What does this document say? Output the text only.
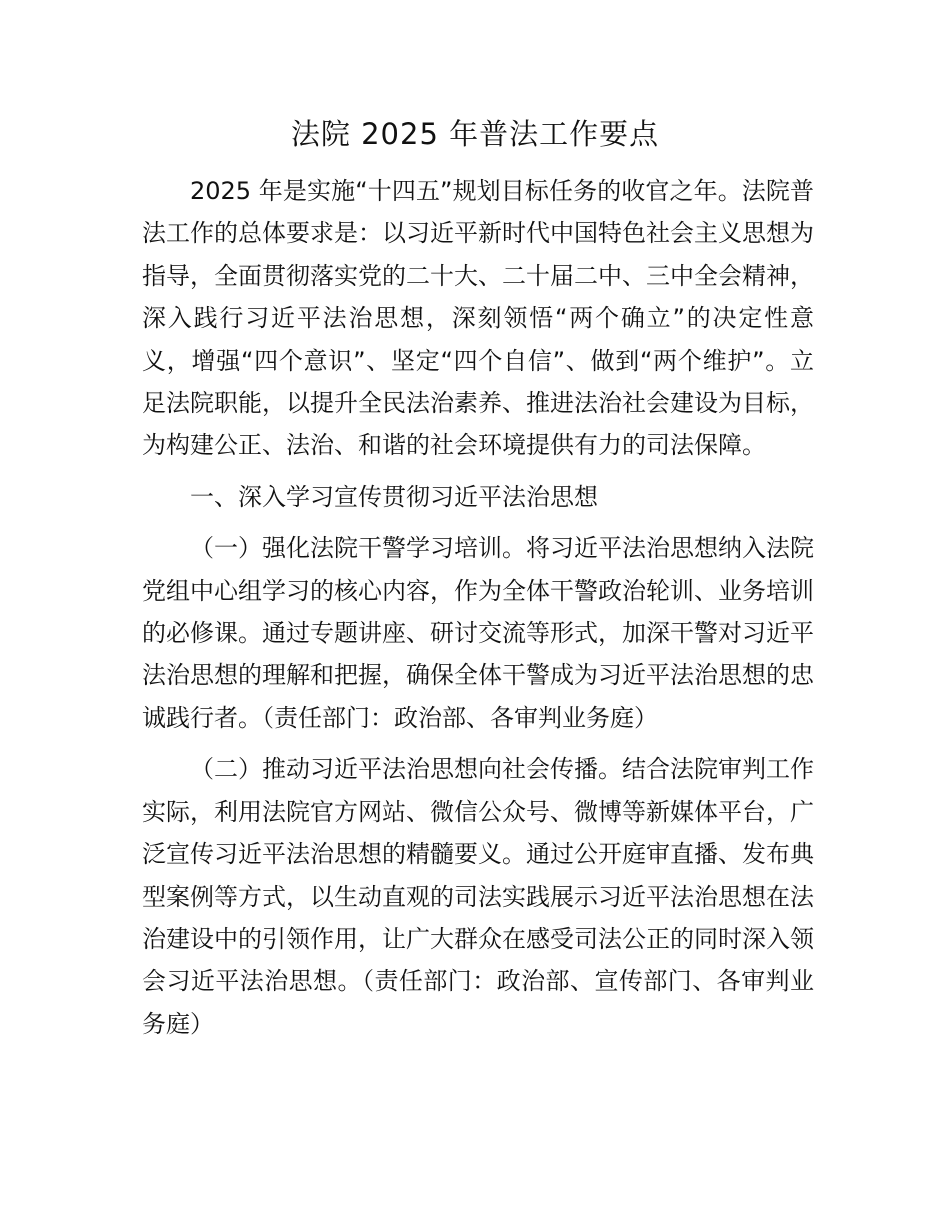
法院 2025 年普法工作要点

2025 年是实施“十四五”规划目标任务的收官之年。法院普法工作的总体要求是：以习近平新时代中国特色社会主义思想为指导，全面贯彻落实党的二十大、二十届二中、三中全会精神，深入践行习近平法治思想，深刻领悟“两个确立”的决定性意义，增强“四个意识”、坚定“四个自信”、做到“两个维护”。立足法院职能，以提升全民法治素养、推进法治社会建设为目标，为构建公正、法治、和谐的社会环境提供有力的司法保障。

一、深入学习宣传贯彻习近平法治思想

（一）强化法院干警学习培训。将习近平法治思想纳入法院党组中心组学习的核心内容，作为全体干警政治轮训、业务培训的必修课。通过专题讲座、研讨交流等形式，加深干警对习近平法治思想的理解和把握，确保全体干警成为习近平法治思想的忠诚践行者。（责任部门：政治部、各审判业务庭）

（二）推动习近平法治思想向社会传播。结合法院审判工作实际，利用法院官方网站、微信公众号、微博等新媒体平台，广泛宣传习近平法治思想的精髓要义。通过公开庭审直播、发布典型案例等方式，以生动直观的司法实践展示习近平法治思想在法治建设中的引领作用，让广大群众在感受司法公正的同时深入领会习近平法治思想。（责任部门：政治部、宣传部门、各审判业务庭）
